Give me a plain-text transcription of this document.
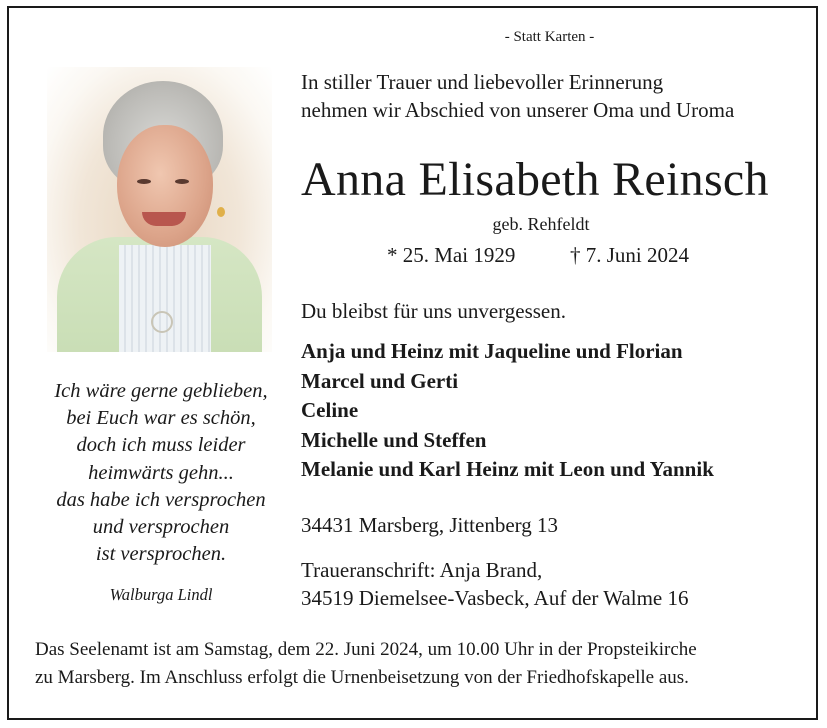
- Statt Karten -
In stiller Trauer und liebevoller Erinnerung
nehmen wir Abschied von unserer Oma und Uroma
Anna Elisabeth Reinsch
geb. Rehfeldt
* 25. Mai 1929	† 7. Juni 2024
Du bleibst für uns unvergessen.
Anja und Heinz mit Jaqueline und Florian
Marcel und Gerti
Celine
Michelle und Steffen
Melanie und Karl Heinz mit Leon und Yannik
34431 Marsberg, Jittenberg 13
Traueranschrift: Anja Brand,
34519 Diemelsee-Vasbeck, Auf der Walme 16
Ich wäre gerne geblieben,
bei Euch war es schön,
doch ich muss leider
heimwärts gehn...
das habe ich versprochen
und versprochen
ist versprochen.
Walburga Lindl
Das Seelenamt ist am Samstag, dem 22. Juni 2024, um 10.00 Uhr in der Propsteikirche
zu Marsberg. Im Anschluss erfolgt die Urnenbeisetzung von der Friedhofskapelle aus.
